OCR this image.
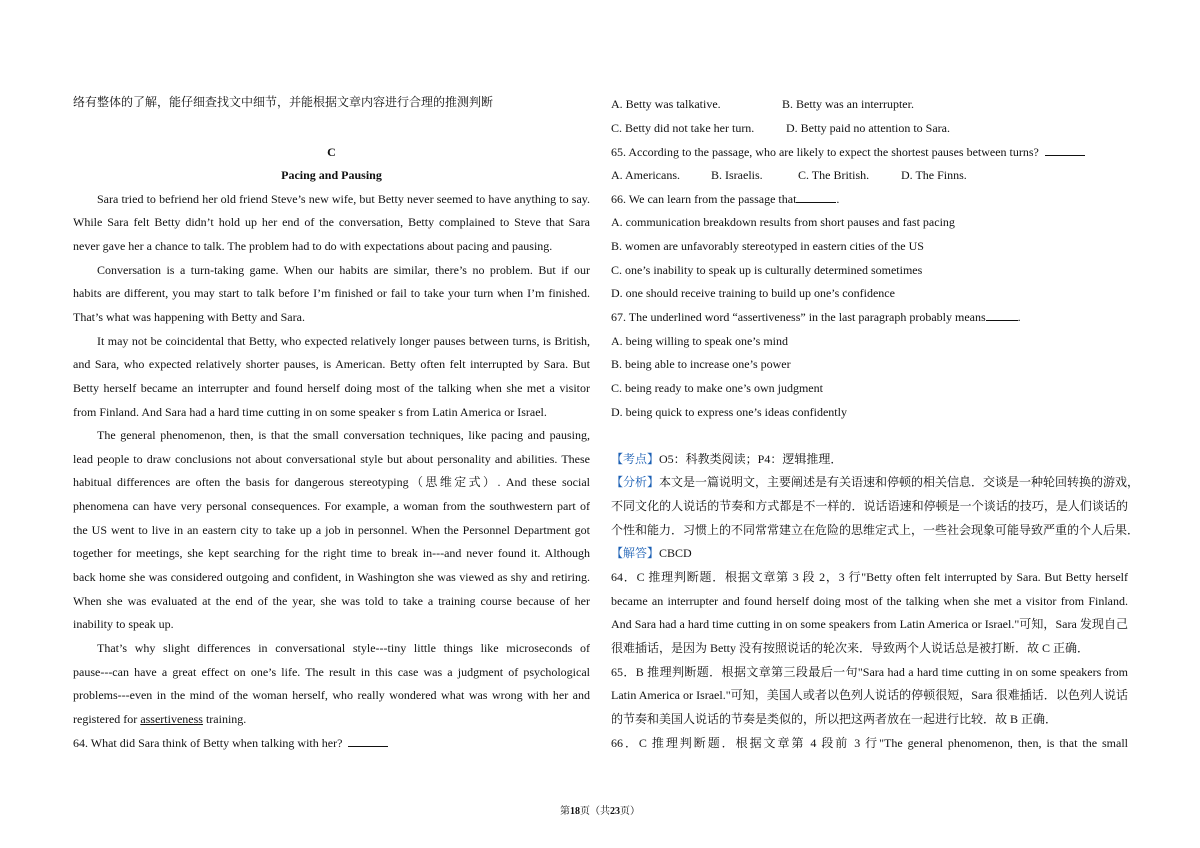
络有整体的了解，能仔细查找文中细节，并能根据文章内容进行合理的推测判断
C
Pacing and Pausing
Sara tried to befriend her old friend Steve’s new wife, but Betty never seemed to have anything to say.
While Sara felt Betty didn’t hold up her end of the conversation, Betty complained to Steve that Sara
never gave her a chance to talk. The problem had to do with expectations about pacing and pausing.
Conversation is a turn-taking game. When our habits are similar, there’s no problem. But if our
habits are different, you may start to talk before I’m finished or fail to take your turn when I’m finished.
That’s what was happening with Betty and Sara.
It may not be coincidental that Betty, who expected relatively longer pauses between turns, is British,
and Sara, who expected relatively shorter pauses, is American. Betty often felt interrupted by Sara. But
Betty herself became an interrupter and found herself doing most of the talking when she met a visitor
from Finland. And Sara had a hard time cutting in on some speaker s from Latin America or Israel.
The general phenomenon, then, is that the small conversation techniques, like pacing and pausing,
lead people to draw conclusions not about conversational style but about personality and abilities. These
habitual differences are often the basis for dangerous stereotyping（思维定式）. And these social
phenomena can have very personal consequences. For example, a woman from the southwestern part of
the US went to live in an eastern city to take up a job in personnel. When the Personnel Department got
together for meetings, she kept searching for the right time to break in---and never found it. Although
back home she was considered outgoing and confident, in Washington she was viewed as shy and retiring.
When she was evaluated at the end of the year, she was told to take a training course because of her
inability to speak up.
That’s why slight differences in conversational style---tiny little things like microseconds of
pause---can have a great effect on one’s life. The result in this case was a judgment of psychological
problems---even in the mind of the woman herself, who really wondered what was wrong with her and
registered for assertiveness training.
64. What did Sara think of Betty when talking with her?
A. Betty was talkative.	B. Betty was an interrupter.
C. Betty did not take her turn.	D. Betty paid no attention to Sara.
65. According to the passage, who are likely to expect the shortest pauses between turns?
A. Americans.	B. Israelis.	C. The British.	D. The Finns.
66. We can learn from the passage that	.
A. communication breakdown results from short pauses and fast pacing
B. women are unfavorably stereotyped in eastern cities of the US
C. one’s inability to speak up is culturally determined sometimes
D. one should receive training to build up one’s confidence
67. The underlined word “assertiveness” in the last paragraph probably means	.
A. being willing to speak one’s mind
B. being able to increase one’s power
C. being ready to make one’s own judgment
D. being quick to express one’s ideas confidently
【考点】O5：科教类阅读；P4：逻辑推理．
【分析】本文是一篇说明文，主要阐述是有关语速和停顿的相关信息．交谈是一种轮回转换的游戏，
不同文化的人说话的节奏和方式都是不一样的．说话语速和停顿是一个谈话的技巧，是人们谈话的
个性和能力．习惯上的不同常常建立在危险的思维定式上，一些社会现象可能导致严重的个人后果．
【解答】CBCD
64．C 推理判断题．根据文章第 3 段 2，3 行"Betty often felt interrupted by Sara. But Betty herself
became an interrupter and found herself doing most of the talking when she met a visitor from Finland.
And Sara had a hard time cutting in on some speakers from Latin America or Israel."可知，Sara 发现自己
很难插话，是因为 Betty 没有按照说话的轮次来．导致两个人说话总是被打断．故 C 正确．
65．B 推理判断题．根据文章第三段最后一句"Sara had a hard time cutting in on some speakers from
Latin America or Israel."可知，美国人或者以色列人说话的停顿很短，Sara 很难插话．以色列人说话
的节奏和美国人说话的节奏是类似的，所以把这两者放在一起进行比较．故 B 正确．
66．C 推理判断题．根据文章第 4 段前 3 行"The general phenomenon, then, is that the small
第18页（共23页）
